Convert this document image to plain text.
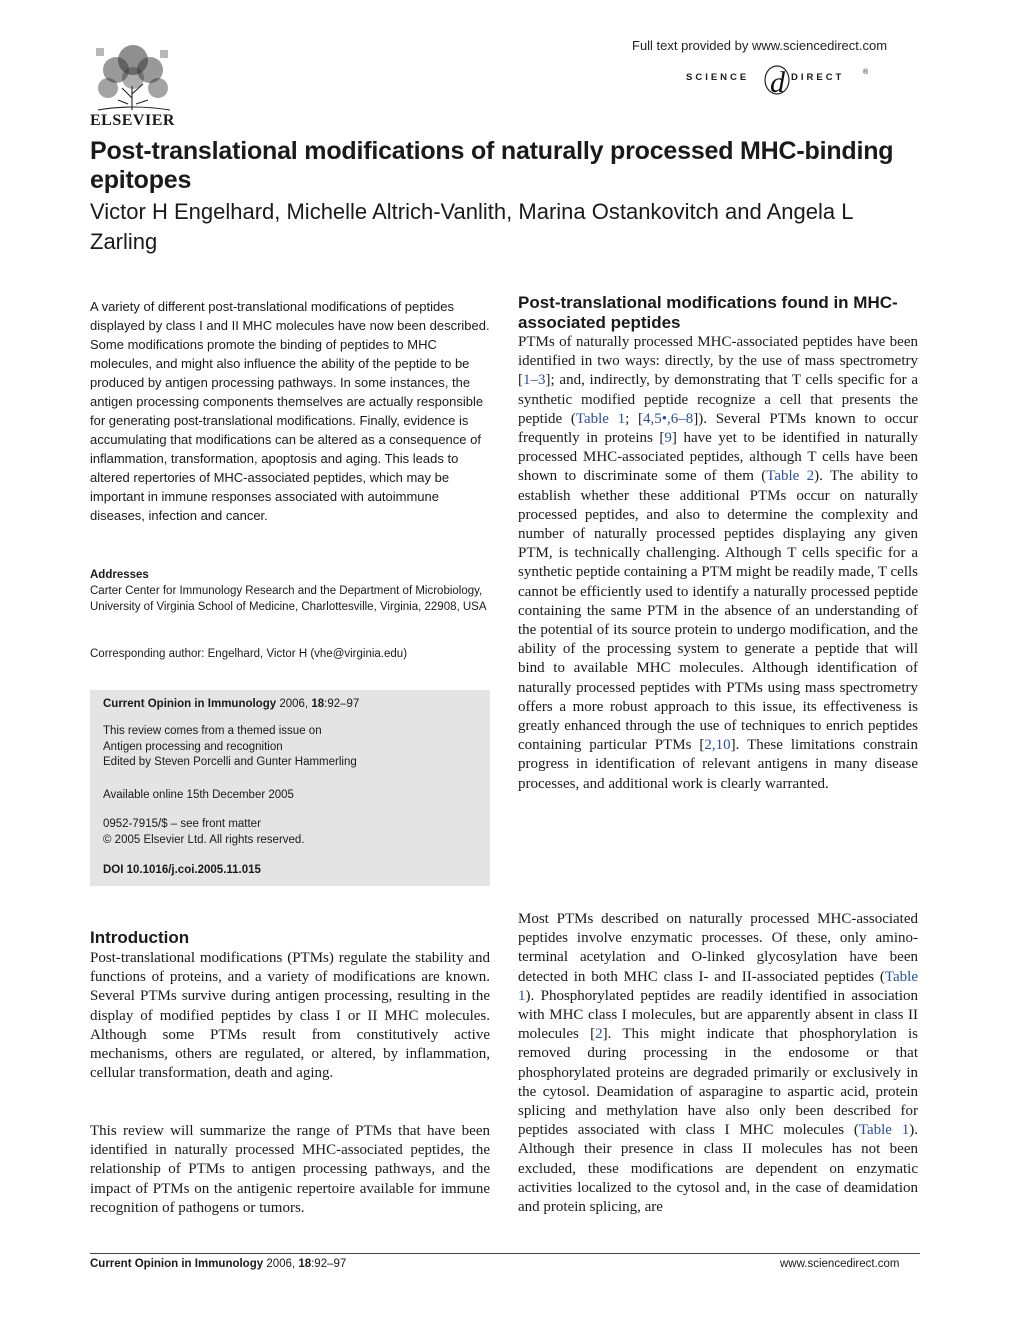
ELSEVIER
Full text provided by www.sciencedirect.com
d	®
SCIENCE	DIRECT
Post-translational modifications of naturally processed MHC-binding epitopes
Victor H Engelhard, Michelle Altrich-Vanlith, Marina Ostankovitch and Angela L Zarling
A variety of different post-translational modifications of peptides displayed by class I and II MHC molecules have now been described. Some modifications promote the binding of peptides to MHC molecules, and might also influence the ability of the peptide to be produced by antigen processing pathways. In some instances, the antigen processing components themselves are actually responsible for generating post-translational modifications. Finally, evidence is accumulating that modifications can be altered as a consequence of inflammation, transformation, apoptosis and aging. This leads to altered repertories of MHC-associated peptides, which may be important in immune responses associated with autoimmune diseases, infection and cancer.
Addresses
Carter Center for Immunology Research and the Department of Microbiology, University of Virginia School of Medicine, Charlottesville, Virginia, 22908, USA
Corresponding author: Engelhard, Victor H (vhe@virginia.edu)
Current Opinion in Immunology 2006, 18:92–97
This review comes from a themed issue on
Antigen processing and recognition
Edited by Steven Porcelli and Gunter Hammerling
Available online 15th December 2005
0952-7915/$ – see front matter
© 2005 Elsevier Ltd. All rights reserved.
DOI 10.1016/j.coi.2005.11.015
Introduction
Post-translational modifications (PTMs) regulate the stability and functions of proteins, and a variety of modifications are known. Several PTMs survive during antigen processing, resulting in the display of modified peptides by class I or II MHC molecules. Although some PTMs result from constitutively active mechanisms, others are regulated, or altered, by inflammation, cellular transformation, death and aging.
This review will summarize the range of PTMs that have been identified in naturally processed MHC-associated peptides, the relationship of PTMs to antigen processing pathways, and the impact of PTMs on the antigenic repertoire available for immune recognition of pathogens or tumors.
Post-translational modifications found in MHC-associated peptides
PTMs of naturally processed MHC-associated peptides have been identified in two ways: directly, by the use of mass spectrometry [1–3]; and, indirectly, by demonstrating that T cells specific for a synthetic modified peptide recognize a cell that presents the peptide (Table 1; [4,5•,6–8]). Several PTMs known to occur frequently in proteins [9] have yet to be identified in naturally processed MHC-associated peptides, although T cells have been shown to discriminate some of them (Table 2). The ability to establish whether these additional PTMs occur on naturally processed peptides, and also to determine the complexity and number of naturally processed peptides displaying any given PTM, is technically challenging. Although T cells specific for a synthetic peptide containing a PTM might be readily made, T cells cannot be efficiently used to identify a naturally processed peptide containing the same PTM in the absence of an understanding of the potential of its source protein to undergo modification, and the ability of the processing system to generate a peptide that will bind to available MHC molecules. Although identification of naturally processed peptides with PTMs using mass spectrometry offers a more robust approach to this issue, its effectiveness is greatly enhanced through the use of techniques to enrich peptides containing particular PTMs [2,10]. These limitations constrain progress in identification of relevant antigens in many disease processes, and additional work is clearly warranted.
Most PTMs described on naturally processed MHC-associated peptides involve enzymatic processes. Of these, only amino-terminal acetylation and O-linked glycosylation have been detected in both MHC class I- and II-associated peptides (Table 1). Phosphorylated peptides are readily identified in association with MHC class I molecules, but are apparently absent in class II molecules [2]. This might indicate that phosphorylation is removed during processing in the endosome or that phosphorylated proteins are degraded primarily or exclusively in the cytosol. Deamidation of asparagine to aspartic acid, protein splicing and methylation have also only been described for peptides associated with class I MHC molecules (Table 1). Although their presence in class II molecules has not been excluded, these modifications are dependent on enzymatic activities localized to the cytosol and, in the case of deamidation and protein splicing, are
Current Opinion in Immunology 2006, 18:92–97	www.sciencedirect.com
